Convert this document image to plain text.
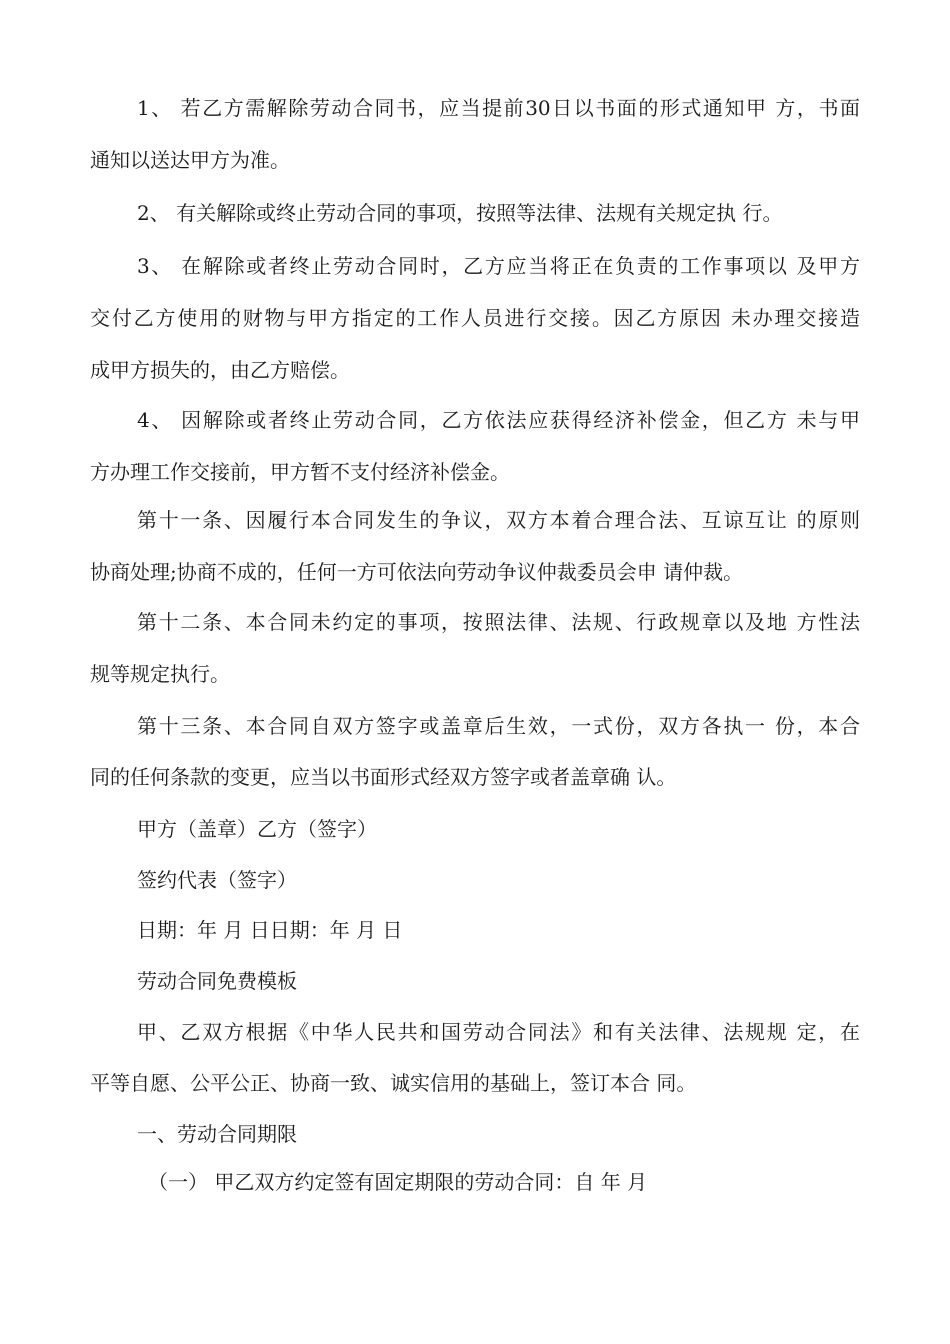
1、 若乙方需解除劳动合同书，应当提前30日以书面的形式通知甲 方，书面
通知以送达甲方为准。
2、 有关解除或终止劳动合同的事项，按照等法律、法规有关规定执 行。
3、 在解除或者终止劳动合同时，乙方应当将正在负责的工作事项以 及甲方
交付乙方使用的财物与甲方指定的工作人员进行交接。因乙方原因 未办理交接造
成甲方损失的，由乙方赔偿。
4、 因解除或者终止劳动合同，乙方依法应获得经济补偿金，但乙方 未与甲
方办理工作交接前，甲方暂不支付经济补偿金。
第十一条、因履行本合同发生的争议，双方本着合理合法、互谅互让 的原则
协商处理;协商不成的，任何一方可依法向劳动争议仲裁委员会申 请仲裁。
第十二条、本合同未约定的事项，按照法律、法规、行政规章以及地 方性法
规等规定执行。
第十三条、本合同自双方签字或盖章后生效，一式份，双方各执一 份，本合
同的任何条款的变更，应当以书面形式经双方签字或者盖章确 认。
甲方（盖章）乙方（签字）
签约代表（签字）
日期：年 月 日日期：年 月 日
劳动合同免费模板
甲、乙双方根据《中华人民共和国劳动合同法》和有关法律、法规规 定，在
平等自愿、公平公正、协商一致、诚实信用的基础上，签订本合 同。
一、劳动合同期限
（一） 甲乙双方约定签有固定期限的劳动合同：自 年 月
